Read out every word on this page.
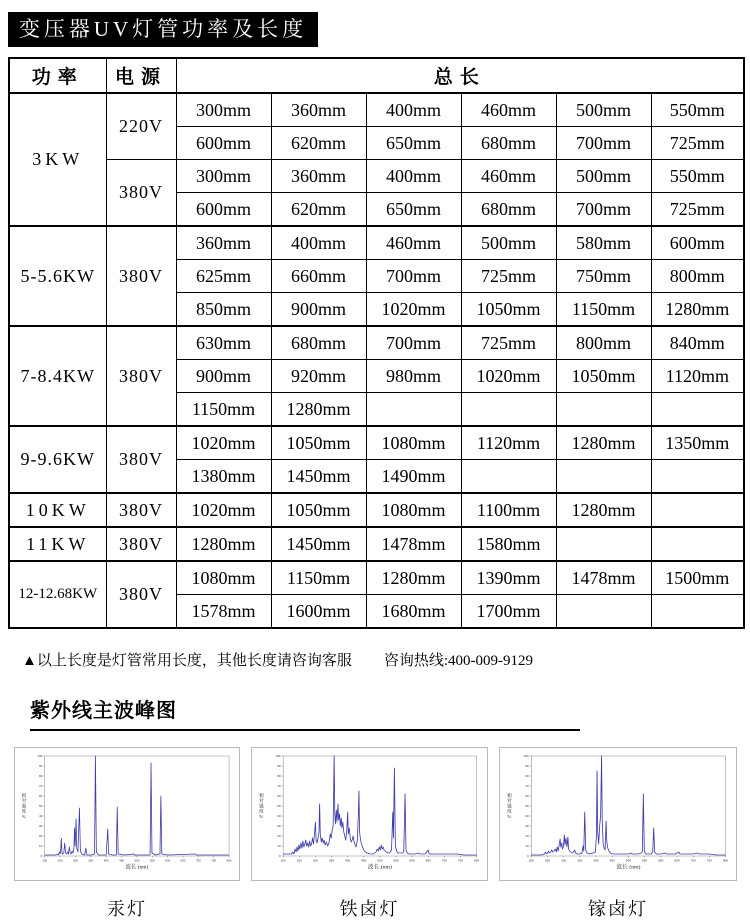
变压器UV灯管功率及长度
功率	电源	总长					
3KW	220V	300mm	360mm	400mm	460mm	500mm	550mm
		600mm	620mm	650mm	680mm	700mm	725mm
	380V	300mm	360mm	400mm	460mm	500mm	550mm
		600mm	620mm	650mm	680mm	700mm	725mm
5-5.6KW	380V	360mm	400mm	460mm	500mm	580mm	600mm
		625mm	660mm	700mm	725mm	750mm	800mm
		850mm	900mm	1020mm	1050mm	1150mm	1280mm
7-8.4KW	380V	630mm	680mm	700mm	725mm	800mm	840mm
		900mm	920mm	980mm	1020mm	1050mm	1120mm
		1150mm	1280mm				
9-9.6KW	380V	1020mm	1050mm	1080mm	1120mm	1280mm	1350mm
		1380mm	1450mm	1490mm			
10KW	380V	1020mm	1050mm	1080mm	1100mm	1280mm	
11KW	380V	1280mm	1450mm	1478mm	1580mm		
12-12.68KW	380V	1080mm	1150mm	1280mm	1390mm	1478mm	1500mm
		1578mm	1600mm	1680mm	1700mm		
▲以上长度是灯管常用长度，其他长度请咨询客服 咨询热线:400-009-9129
紫外线主波峰图
0
10
20
30
40
50
60
70
80
90
100
200	250	300	350	400	450	500	550	600	650	700	750	800
波长 (nm)
相
对
强
度
%
0
10
20
30
40
50
60
70
80
90
100
200	250	300	350	400	450	500	550	600	650	700	750	800
波长 (nm)
相
对
强
度
%
0
10
20
30
40
50
60
70
80
90
100
200	250	300	350	400	450	500	550	600	650	700	750	800
波长 (nm)
相
对
强
度
%
汞灯	铁卤灯	镓卤灯
